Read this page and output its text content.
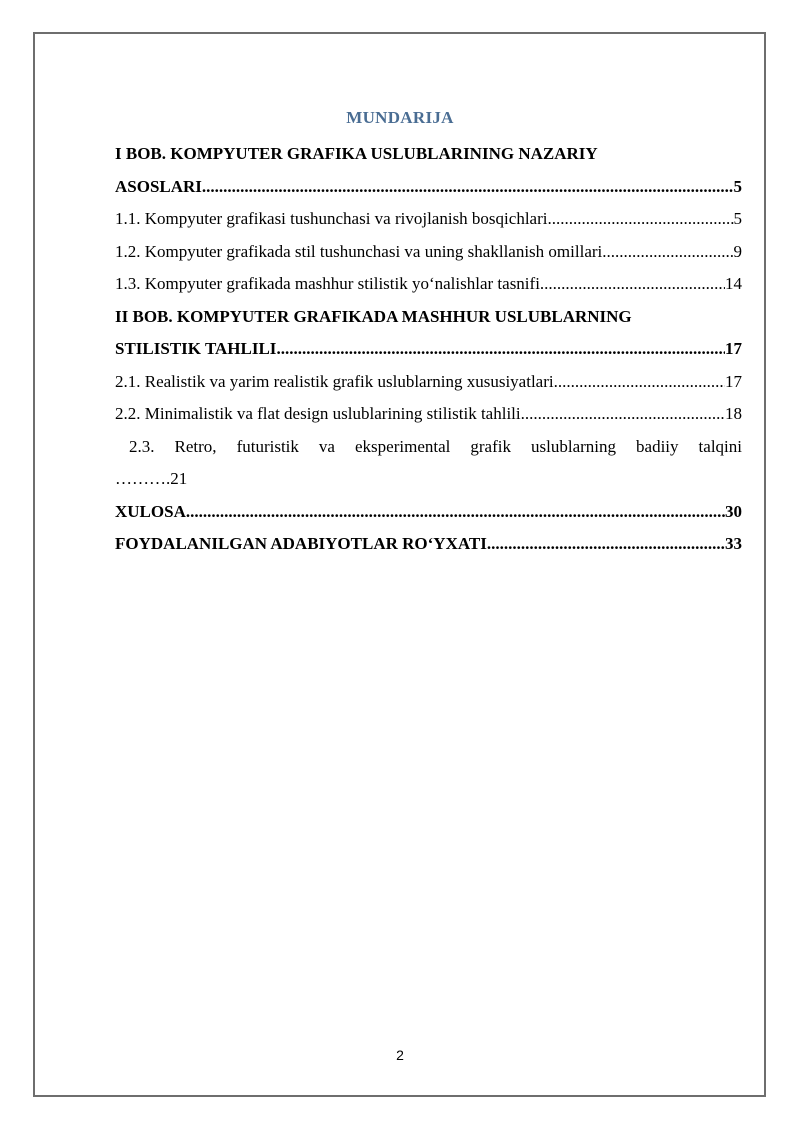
MUNDARIJA
I BOB. KOMPYUTER GRAFIKA USLUBLARINING NAZARIY
ASOSLARI .....	5
1.1. Kompyuter grafikasi tushunchasi va rivojlanish bosqichlari .....	5
1.2. Kompyuter grafikada stil tushunchasi va uning shakllanish omillari .....	9
1.3. Kompyuter grafikada mashhur stilistik yo‘nalishlar tasnifi .....	14
II BOB. KOMPYUTER GRAFIKADA MASHHUR USLUBLARNING
STILISTIK TAHLILI .....	17
2.1. Realistik va yarim realistik grafik uslublarning xususiyatlari .....	17
2.2. Minimalistik va flat design uslublarining stilistik tahlili .....	18
2.3. Retro, futuristik va eksperimental grafik uslublarning badiiy talqini
……….21
XULOSA .....	30
FOYDALANILGAN ADABIYOTLAR RO‘YXATI .....	33
2
